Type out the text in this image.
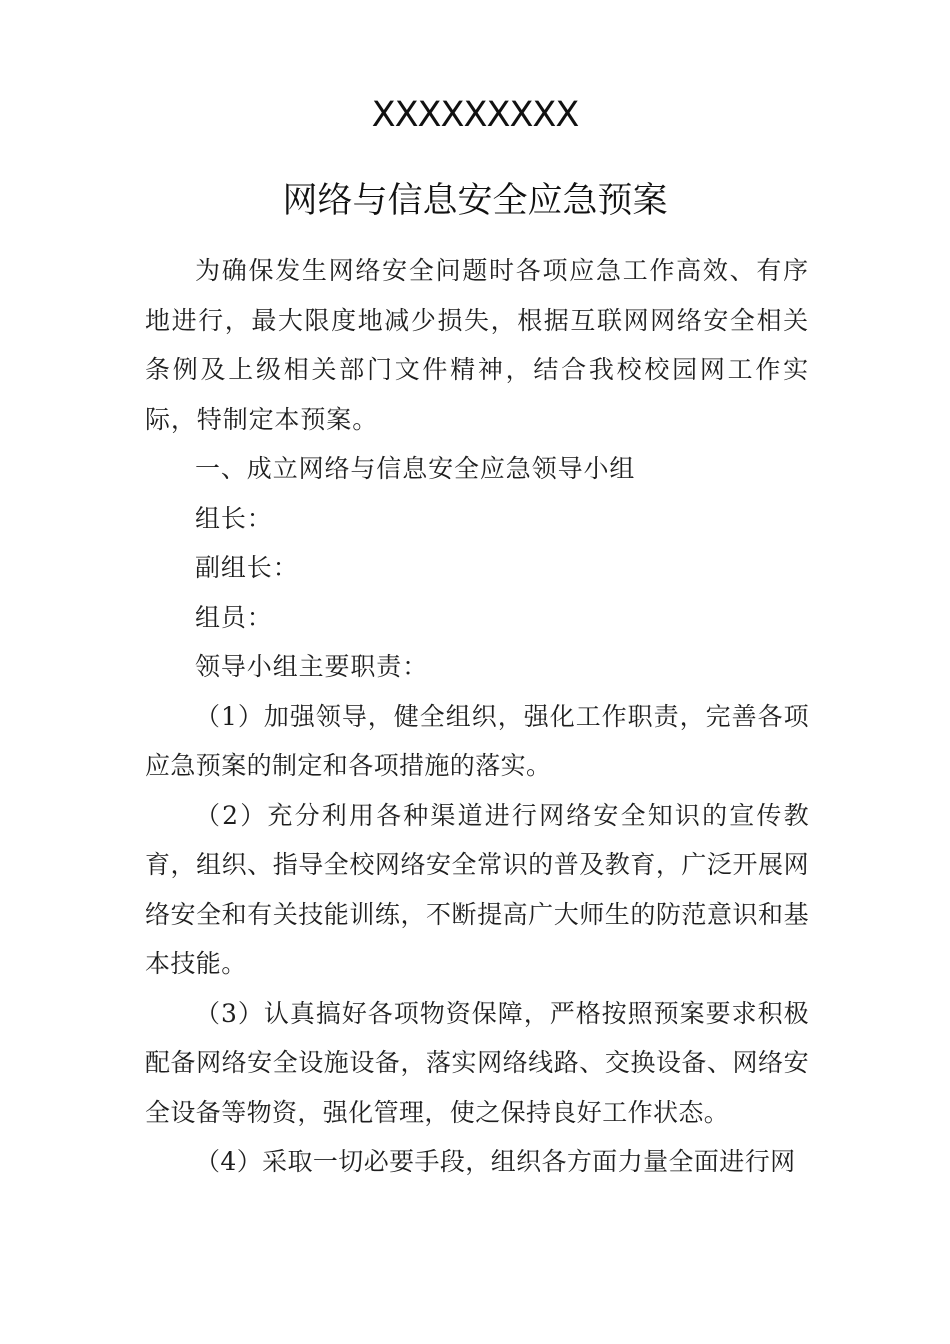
XXXXXXXXX
网络与信息安全应急预案

为确保发生网络安全问题时各项应急工作高效、有序地进行，最大限度地减少损失，根据互联网网络安全相关条例及上级相关部门文件精神，结合我校校园网工作实际，特制定本预案。

一、成立网络与信息安全应急领导小组

组长：

副组长：

组员：

领导小组主要职责：

（1）加强领导，健全组织，强化工作职责，完善各项应急预案的制定和各项措施的落实。

（2）充分利用各种渠道进行网络安全知识的宣传教育，组织、指导全校网络安全常识的普及教育，广泛开展网络安全和有关技能训练，不断提高广大师生的防范意识和基本技能。

（3）认真搞好各项物资保障，严格按照预案要求积极配备网络安全设施设备，落实网络线路、交换设备、网络安全设备等物资，强化管理，使之保持良好工作状态。

（4）采取一切必要手段，组织各方面力量全面进行网
